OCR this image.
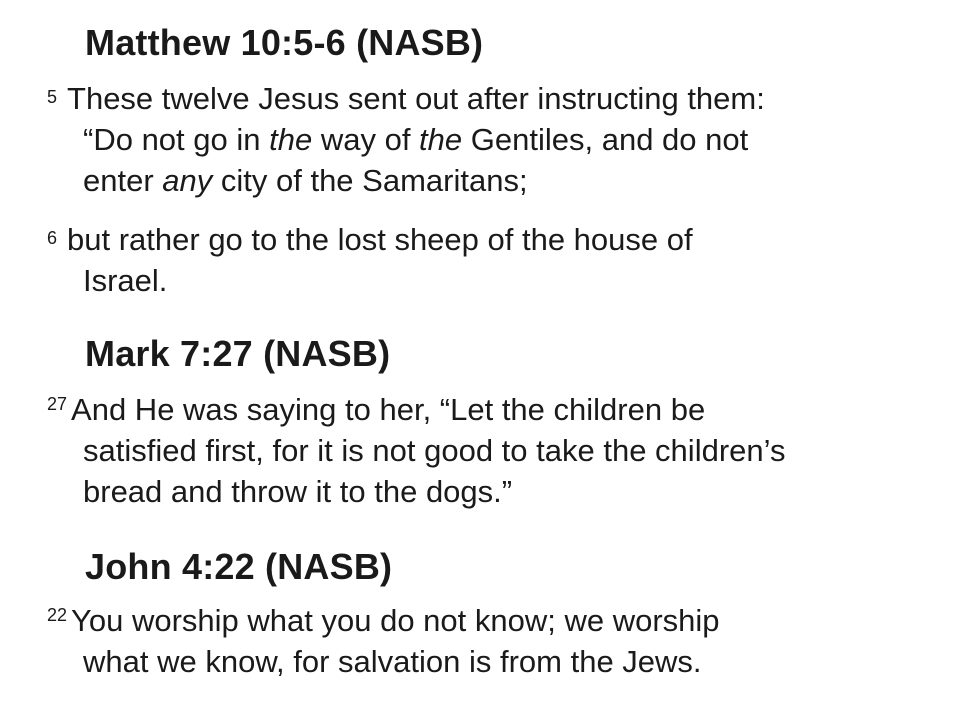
Matthew 10:5-6 (NASB)
5 These twelve Jesus sent out after instructing them:
“Do not go in the way of the Gentiles, and do not
enter any city of the Samaritans;
6 but rather go to the lost sheep of the house of
Israel.
Mark 7:27 (NASB)
$^{27}$ And He was saying to her, “Let the children be
satisfied first, for it is not good to take the children’s
bread and throw it to the dogs.”
John 4:22 (NASB)
$^{22}$ You worship what you do not know; we worship
what we know, for salvation is from the Jews.
